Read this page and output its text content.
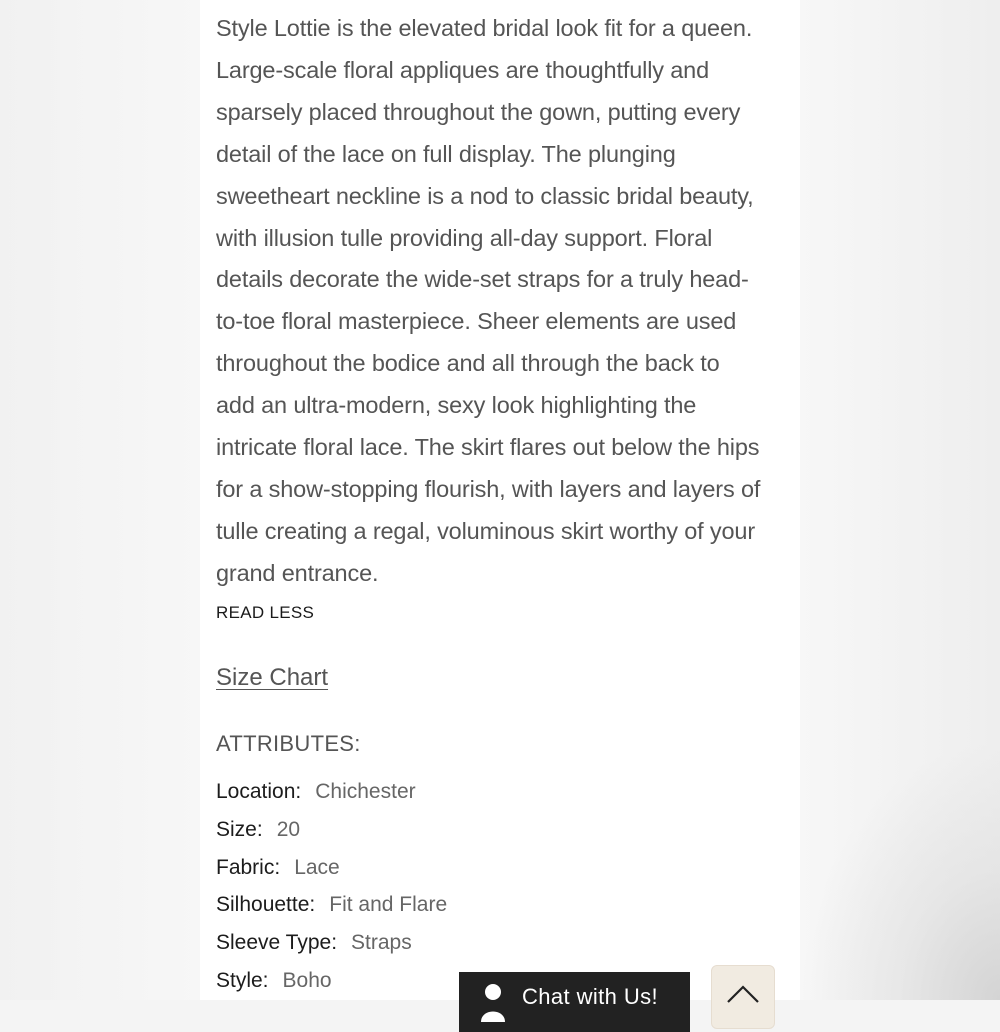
Style Lottie is the elevated bridal look fit for a queen.
Large-scale floral appliques are thoughtfully and
sparsely placed throughout the gown, putting every
detail of the lace on full display. The plunging
sweetheart neckline is a nod to classic bridal beauty,
with illusion tulle providing all-day support. Floral
details decorate the wide-set straps for a truly head-
to-toe floral masterpiece. Sheer elements are used
throughout the bodice and all through the back to
add an ultra-modern, sexy look highlighting the
intricate floral lace. The skirt flares out below the hips
for a show-stopping flourish, with layers and layers of
tulle creating a regal, voluminous skirt worthy of your
grand entrance.

READ LESS
Size Chart
ATTRIBUTES:
Location: Chichester
Size: 20
Fabric: Lace
Silhouette: Fit and Flare
Sleeve Type: Straps
Style: Boho
Chat with Us!
